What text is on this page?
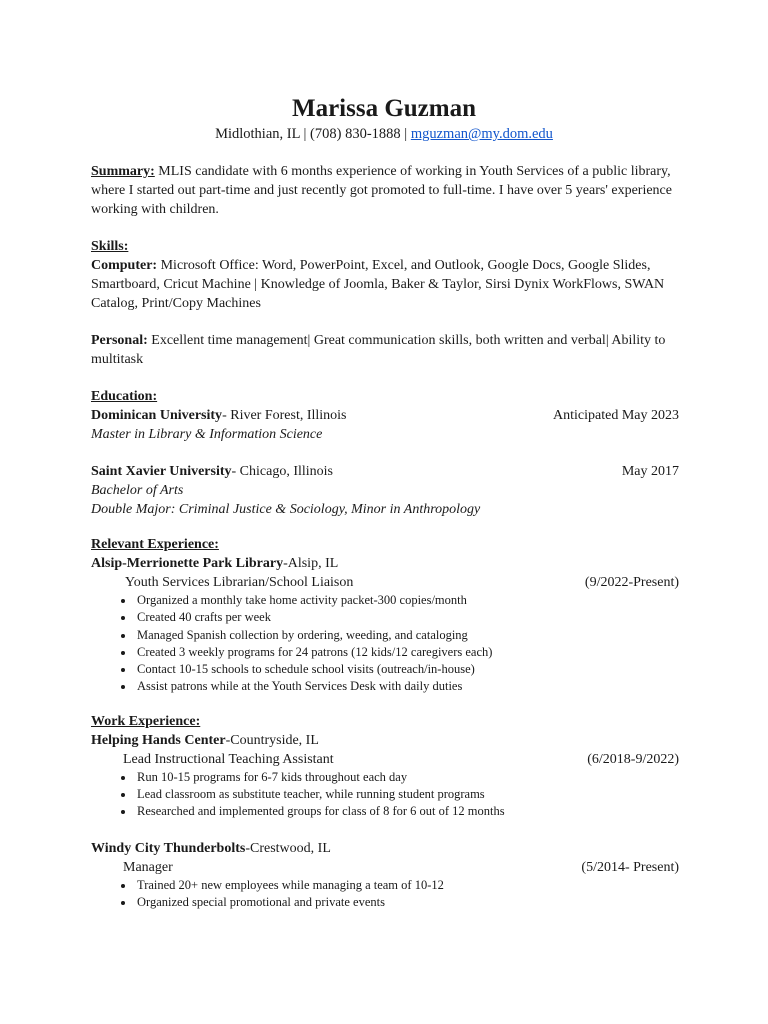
Marissa Guzman
Midlothian, IL | (708) 830-1888 | mguzman@my.dom.edu
Summary: MLIS candidate with 6 months experience of working in Youth Services of a public library, where I started out part-time and just recently got promoted to full-time. I have over 5 years' experience working with children.
Skills:
Computer: Microsoft Office: Word, PowerPoint, Excel, and Outlook, Google Docs, Google Slides, Smartboard, Cricut Machine | Knowledge of Joomla, Baker & Taylor, Sirsi Dynix WorkFlows, SWAN Catalog, Print/Copy Machines
Personal: Excellent time management| Great communication skills, both written and verbal| Ability to multitask
Education:
Dominican University- River Forest, Illinois	Anticipated May 2023
Master in Library & Information Science
Saint Xavier University- Chicago, Illinois	May 2017
Bachelor of Arts
Double Major: Criminal Justice & Sociology, Minor in Anthropology
Relevant Experience:
Alsip-Merrionette Park Library-Alsip, IL
Youth Services Librarian/School Liaison	(9/2022-Present)
• Organized a monthly take home activity packet-300 copies/month
• Created 40 crafts per week
• Managed Spanish collection by ordering, weeding, and cataloging
• Created 3 weekly programs for 24 patrons (12 kids/12 caregivers each)
• Contact 10-15 schools to schedule school visits (outreach/in-house)
• Assist patrons while at the Youth Services Desk with daily duties
Work Experience:
Helping Hands Center-Countryside, IL
Lead Instructional Teaching Assistant	(6/2018-9/2022)
• Run 10-15 programs for 6-7 kids throughout each day
• Lead classroom as substitute teacher, while running student programs
• Researched and implemented groups for class of 8 for 6 out of 12 months
Windy City Thunderbolts-Crestwood, IL
Manager	(5/2014- Present)
• Trained 20+ new employees while managing a team of 10-12
• Organized special promotional and private events
